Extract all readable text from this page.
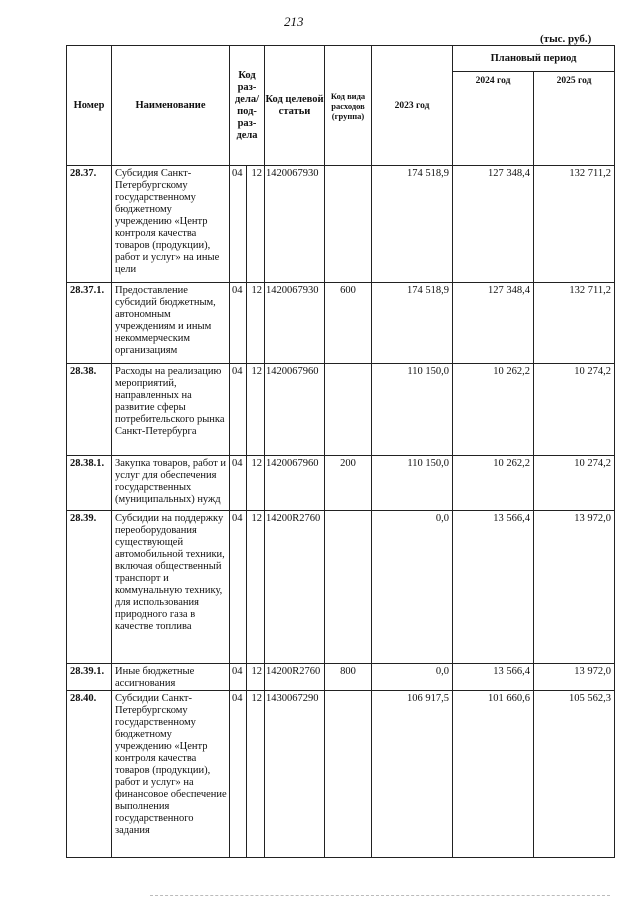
213
(тыс. руб.)
Номер	Наименование	Код раз-дела/ под-раз-дела		Код целевой статьи	Код вида расходов (группа)	2023 год	Плановый период	
							2024 год	2025 год
28.37.	Субсидия Санкт-Петербургскому государственному бюджетному учреждению «Центр контроля качества товаров (продукции), работ и услуг» на иные цели	04	12	1420067930		174 518,9	127 348,4	132 711,2
28.37.1.	Предоставление субсидий бюджетным, автономным учреждениям и иным некоммерческим организациям	04	12	1420067930	600	174 518,9	127 348,4	132 711,2
28.38.	Расходы на реализацию мероприятий, направленных на развитие сферы потребительского рынка Санкт-Петербурга	04	12	1420067960		110 150,0	10 262,2	10 274,2
28.38.1.	Закупка товаров, работ и услуг для обеспечения государственных (муниципальных) нужд	04	12	1420067960	200	110 150,0	10 262,2	10 274,2
28.39.	Субсидии на поддержку переоборудования существующей автомобильной техники, включая общественный транспорт и коммунальную технику, для использования природного газа в качестве топлива	04	12	14200R2760		0,0	13 566,4	13 972,0
28.39.1.	Иные бюджетные ассигнования	04	12	14200R2760	800	0,0	13 566,4	13 972,0
28.40.	Субсидии Санкт-Петербургскому государственному бюджетному учреждению «Центр контроля качества товаров (продукции), работ и услуг» на финансовое обеспечение выполнения государственного задания	04	12	1430067290		106 917,5	101 660,6	105 562,3
